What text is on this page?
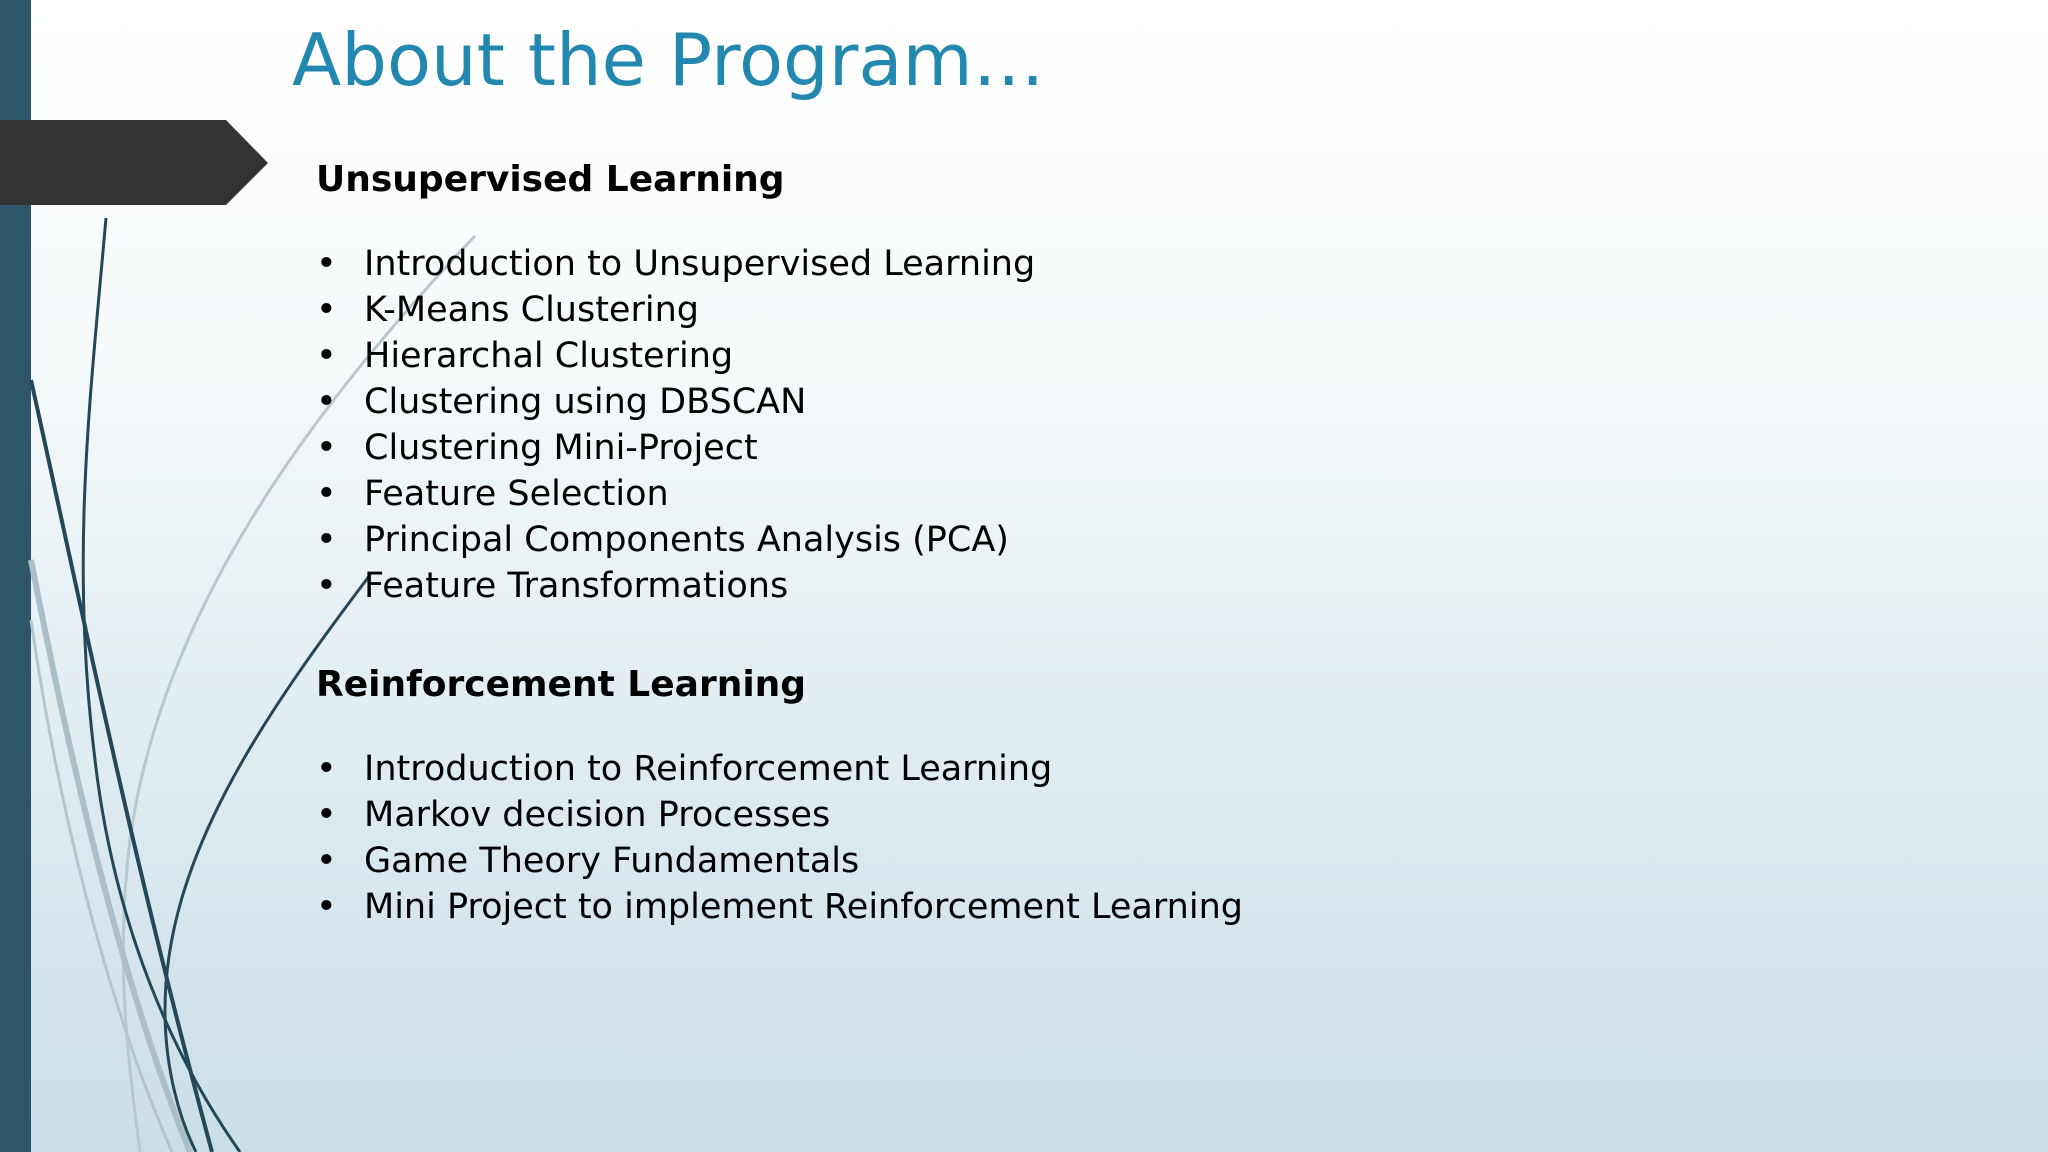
About the Program…

Unsupervised Learning

• Introduction to Unsupervised Learning
• K-Means Clustering
• Hierarchal Clustering
• Clustering using DBSCAN
• Clustering Mini-Project
• Feature Selection
• Principal Components Analysis (PCA)
• Feature Transformations

Reinforcement Learning

• Introduction to Reinforcement Learning
• Markov decision Processes
• Game Theory Fundamentals
• Mini Project to implement Reinforcement Learning
